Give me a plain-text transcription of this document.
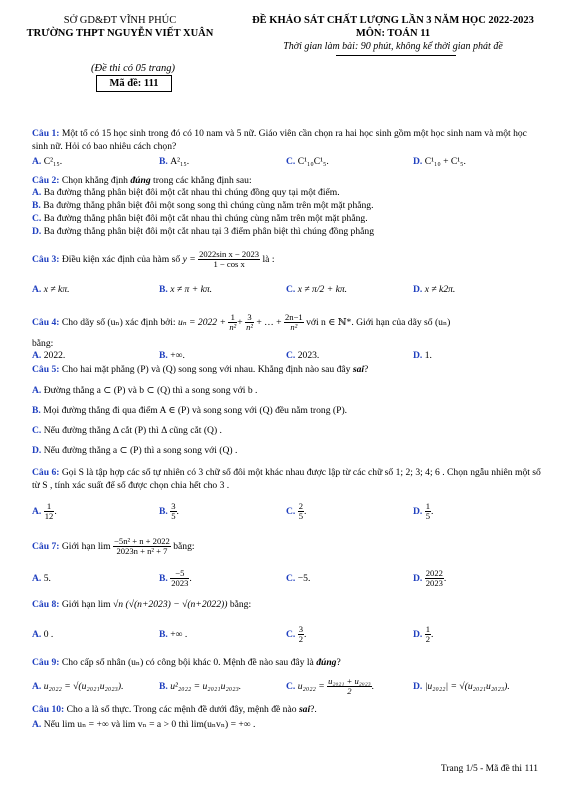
SỞ GD&ĐT VĨNH PHÚC
TRƯỜNG THPT NGUYỄN VIẾT XUÂN
(Đề thi có 05 trang)
Mã đề: 111
ĐỀ KHẢO SÁT CHẤT LƯỢNG LẦN 3 NĂM HỌC 2022-2023
MÔN: TOÁN 11
Thời gian làm bài: 90 phút, không kể thời gian phát đề
Câu 1: Một tổ có 15 học sinh trong đó có 10 nam và 5 nữ. Giáo viên cần chọn ra hai học sinh gồm một học sinh nam và một học sinh nữ. Hỏi có bao nhiêu cách chọn?
A. C²₁₅.	B. A²₁₅.	C. C¹₁₀C¹₅.	D. C¹₁₀ + C¹₅.
Câu 2: Chọn khẳng định đúng trong các khẳng định sau:
A. Ba đường thẳng phân biệt đôi một cắt nhau thì chúng đồng quy tại một điểm.
B. Ba đường thẳng phân biệt đôi một song song thì chúng cùng nằm trên một mặt phẳng.
C. Ba đường thẳng phân biệt đôi một cắt nhau thì chúng cùng nằm trên một mặt phẳng.
D. Ba đường thẳng phân biệt đôi một cắt nhau tại 3 điểm phân biệt thì chúng đồng phẳng
Câu 3: Điều kiện xác định của hàm số $y = \frac{\text{2022sin x − 2023}}{\text{1 − cos x}}$ là :
A. x ≠ kπ.	B. x ≠ π + kπ.	C. x ≠ π/2 + kπ.	D. x ≠ k2π.
Câu 4: Cho dãy số (uₙ) xác định bởi: $u_n = 2022 + \frac{1}{\text{n²}} + \frac{3}{\text{n²}}$ + … + $\frac{2n-1}{\text{n²}}$ với n ∈ ℕ*. Giới hạn của dãy số (uₙ)
bằng:
A. 2022.	B. +∞.	C. 2023.	D. 1.
Câu 5: Cho hai mặt phẳng (P) và (Q) song song với nhau. Khẳng định nào sau đây sai?
A. Đường thẳng a ⊂ (P) và b ⊂ (Q) thì a song song với b .
B. Mọi đường thẳng đi qua điểm A ∈ (P) và song song với (Q) đều nằm trong (P).
C. Nếu đường thẳng Δ cắt (P) thì Δ cũng cắt (Q) .
D. Nếu đường thẳng a ⊂ (P) thì a song song với (Q) .
Câu 6: Gọi S là tập hợp các số tự nhiên có 3 chữ số đôi một khác nhau được lập từ các chữ số 1; 2; 3; 4; 6 . Chọn ngẫu nhiên một số từ S , tính xác suất để số được chọn chia hết cho 3 .
A. $\frac{1}{12}$ .	B. $\frac{3}{5}$ .	C. $\frac{2}{5}$ .	D. $\frac{1}{5}$ .
Câu 7: Giới hạn $\lim \frac{\text{−5n² + n + 2022}}{\text{2023n + n² + 7}}$ bằng:
A. 5.	B. $\frac{-5}{2023}$ .	C. −5.	D. $\frac{2022}{2023}$ .
Câu 8: Giới hạn lim √n (√(n+2023) − √(n+2022)) bằng:
A. 0 .	B. +∞ .	C. $\frac{3}{2}$ .	D. $\frac{1}{2}$ .
Câu 9: Cho cấp số nhân (uₙ) có công bội khác 0. Mệnh đề nào sau đây là đúng?
A. u₂₀₂₂ = √(u₂₀₂₁u₂₀₂₃).	B. u²₂₀₂₂ = u₂₀₂₁u₂₀₂₃.	C. $u_{2022} = \frac{\text{u₂₀₂₁ + u₂₀₂₃}}{2}$ .	D. |u₂₀₂₂| = √(u₂₀₂₁u₂₀₂₃).
Câu 10: Cho a là số thực. Trong các mệnh đề dưới đây, mệnh đề nào sai?.
A. Nếu lim uₙ = +∞ và lim vₙ = a > 0 thì lim(uₙvₙ) = +∞ .
Trang 1/5 - Mã đề thi 111
